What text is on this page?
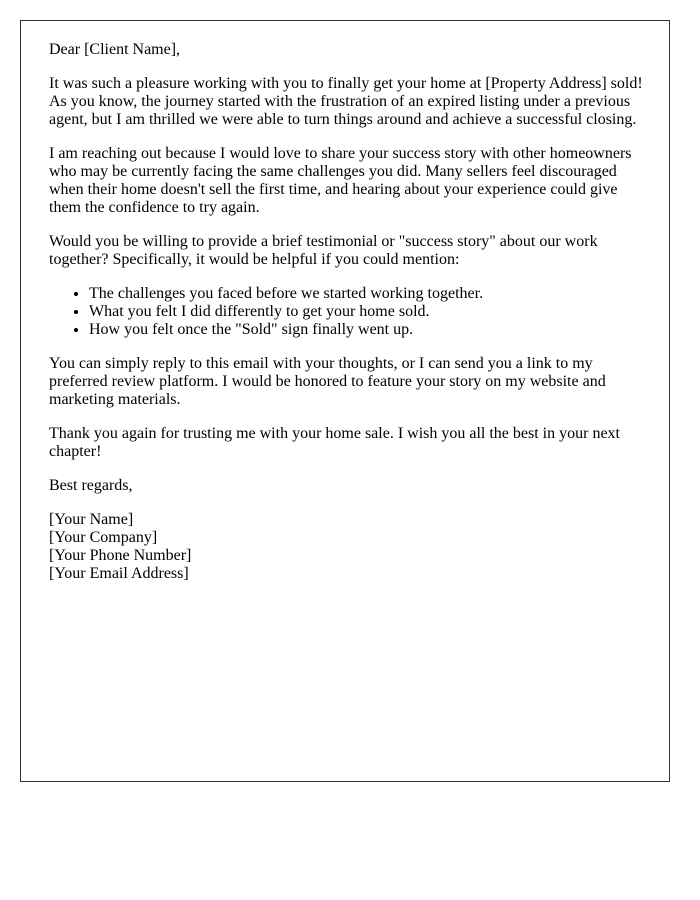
Dear [Client Name],

It was such a pleasure working with you to finally get your home at [Property Address] sold! As you know, the journey started with the frustration of an expired listing under a previous agent, but I am thrilled we were able to turn things around and achieve a successful closing.

I am reaching out because I would love to share your success story with other homeowners who may be currently facing the same challenges you did. Many sellers feel discouraged when their home doesn't sell the first time, and hearing about your experience could give them the confidence to try again.

Would you be willing to provide a brief testimonial or "success story" about our work together? Specifically, it would be helpful if you could mention:

• The challenges you faced before we started working together.
• What you felt I did differently to get your home sold.
• How you felt once the "Sold" sign finally went up.

You can simply reply to this email with your thoughts, or I can send you a link to my preferred review platform. I would be honored to feature your story on my website and marketing materials.

Thank you again for trusting me with your home sale. I wish you all the best in your next chapter!

Best regards,

[Your Name]
[Your Company]
[Your Phone Number]
[Your Email Address]
